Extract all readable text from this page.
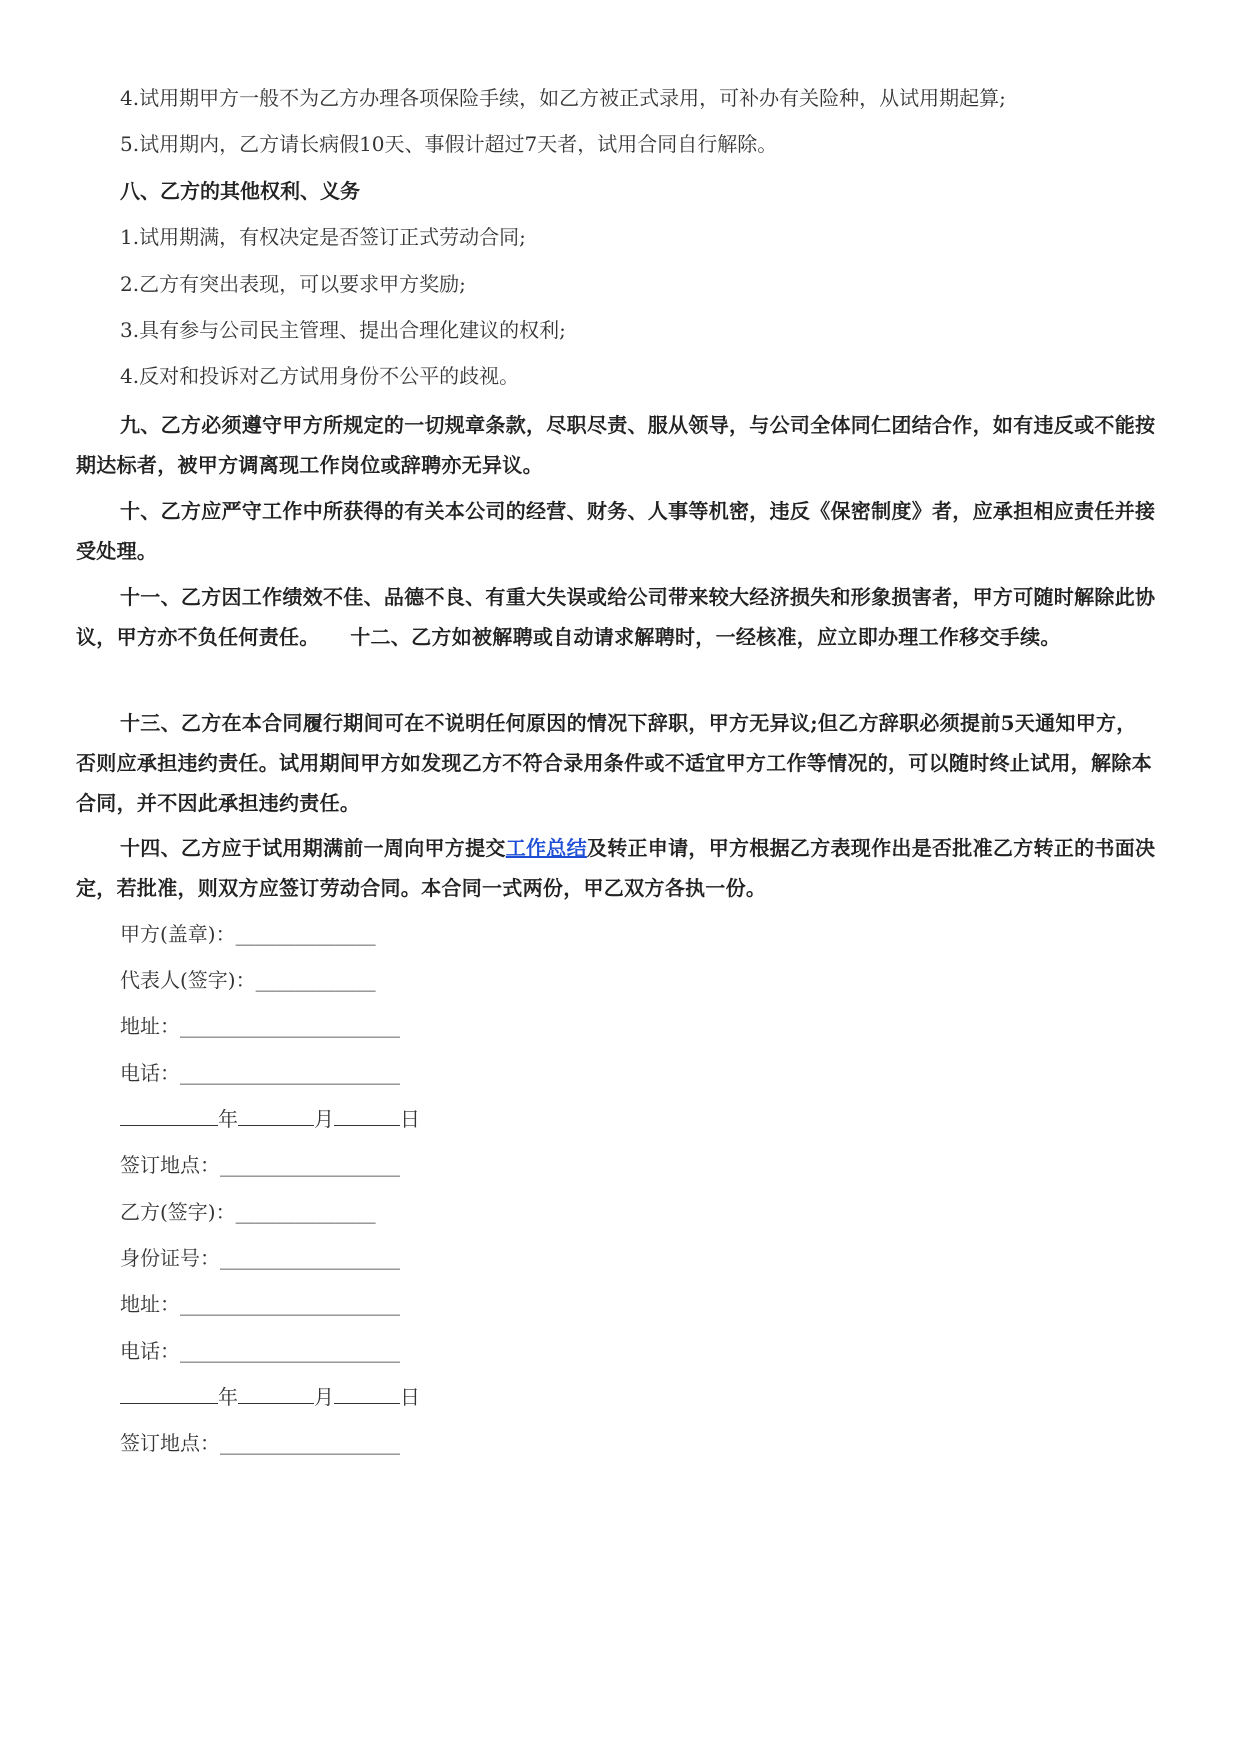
4.试用期甲方一般不为乙方办理各项保险手续，如乙方被正式录用，可补办有关险种，从试用期起算;

5.试用期内，乙方请长病假10天、事假计超过7天者，试用合同自行解除。

八、乙方的其他权利、义务

1.试用期满，有权决定是否签订正式劳动合同;

2.乙方有突出表现，可以要求甲方奖励;

3.具有参与公司民主管理、提出合理化建议的权利;

4.反对和投诉对乙方试用身份不公平的歧视。

九、乙方必须遵守甲方所规定的一切规章条款，尽职尽责、服从领导，与公司全体同仁团结合作，如有违反或不能按期达标者，被甲方调离现工作岗位或辞聘亦无异议。

十、乙方应严守工作中所获得的有关本公司的经营、财务、人事等机密，违反《保密制度》者，应承担相应责任并接受处理。

十一、乙方因工作绩效不佳、品德不良、有重大失误或给公司带来较大经济损失和形象损害者，甲方可随时解除此协议，甲方亦不负任何责任。　　十二、乙方如被解聘或自动请求解聘时，一经核准，应立即办理工作移交手续。

十三、乙方在本合同履行期间可在不说明任何原因的情况下辞职，甲方无异议;但乙方辞职必须提前5天通知甲方，否则应承担违约责任。试用期间甲方如发现乙方不符合录用条件或不适宜甲方工作等情况的，可以随时终止试用，解除本合同，并不因此承担违约责任。

十四、乙方应于试用期满前一周向甲方提交工作总结及转正申请，甲方根据乙方表现作出是否批准乙方转正的书面决定，若批准，则双方应签订劳动合同。本合同一式两份，甲乙双方各执一份。

甲方(盖章)：______________

代表人(签字)：____________

地址：______________________

电话：______________________

年	月	日

签订地点：__________________

乙方(签字)：______________

身份证号：__________________

地址：______________________

电话：______________________

年	月	日

签订地点：__________________
